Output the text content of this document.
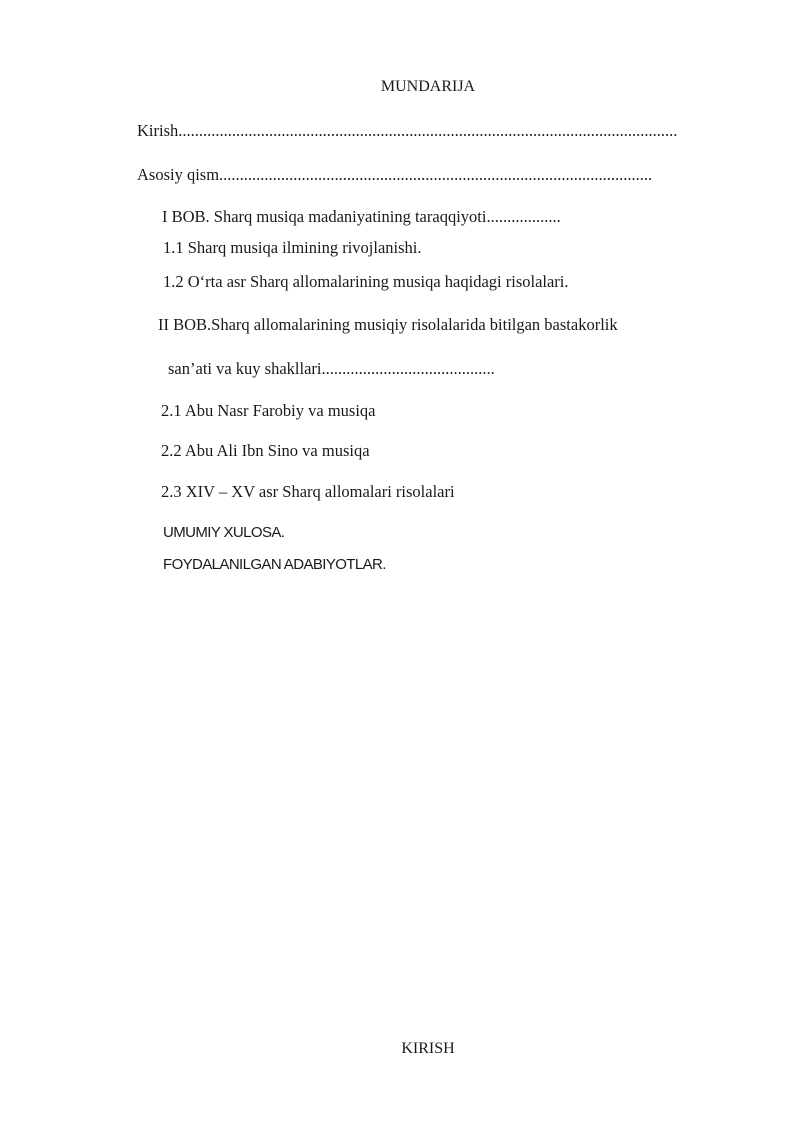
MUNDARIJA
Kirish.........................................................................................................................
Asosiy qism.........................................................................................................
I BOB. Sharq musiqa madaniyatining taraqqiyoti..................
1.1 Sharq musiqa ilmining rivojlanishi.
1.2 O‘rta asr Sharq allomalarining musiqa haqidagi risolalari.
II BOB.Sharq allomalarining musiqiy risolalarida bitilgan bastakorlik
san’ati va kuy shakllari..........................................
2.1 Abu Nasr Farobiy va musiqa
2.2 Abu Ali Ibn Sino va musiqa
2.3 XIV – XV asr Sharq allomalari risolalari
UMUMIY XULOSA.
FOYDALANILGAN ADABIYOTLAR.
KIRISH
